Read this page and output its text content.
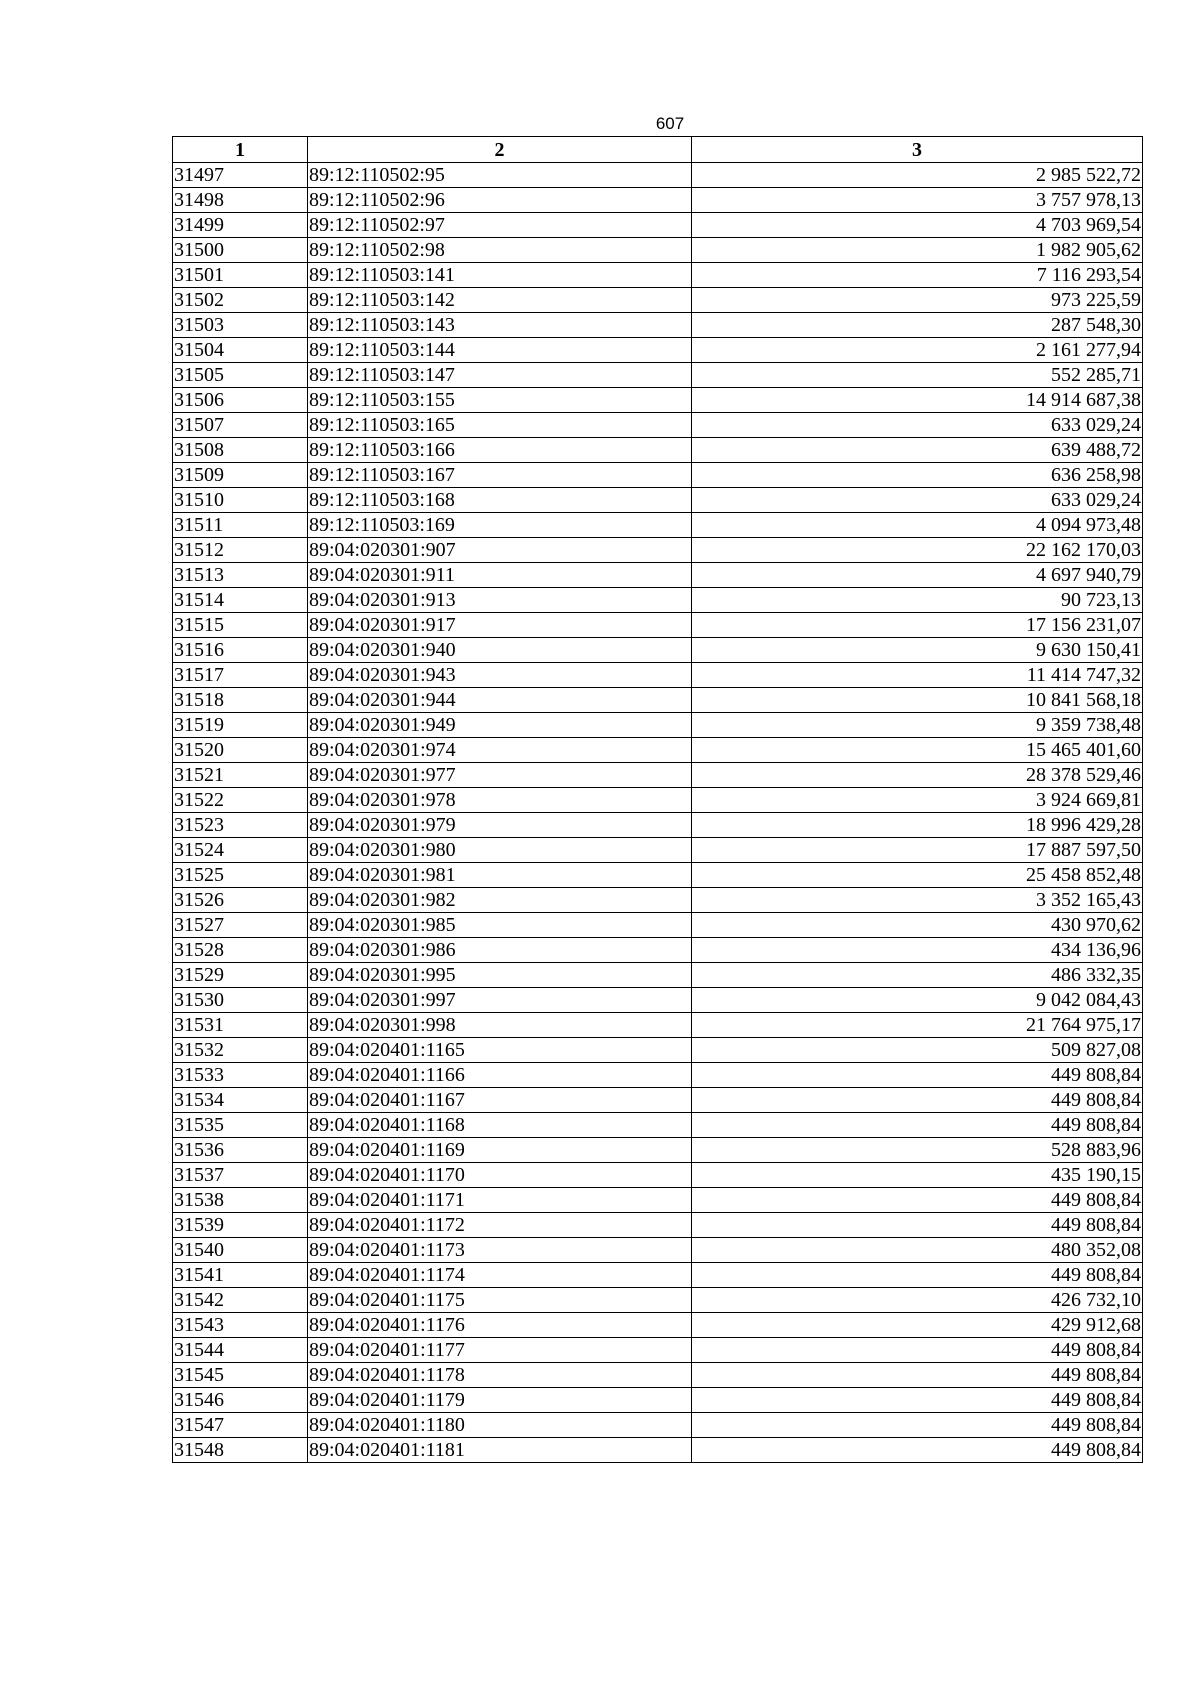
607
1	2	3
31497	89:12:110502:95	2 985 522,72
31498	89:12:110502:96	3 757 978,13
31499	89:12:110502:97	4 703 969,54
31500	89:12:110502:98	1 982 905,62
31501	89:12:110503:141	7 116 293,54
31502	89:12:110503:142	973 225,59
31503	89:12:110503:143	287 548,30
31504	89:12:110503:144	2 161 277,94
31505	89:12:110503:147	552 285,71
31506	89:12:110503:155	14 914 687,38
31507	89:12:110503:165	633 029,24
31508	89:12:110503:166	639 488,72
31509	89:12:110503:167	636 258,98
31510	89:12:110503:168	633 029,24
31511	89:12:110503:169	4 094 973,48
31512	89:04:020301:907	22 162 170,03
31513	89:04:020301:911	4 697 940,79
31514	89:04:020301:913	90 723,13
31515	89:04:020301:917	17 156 231,07
31516	89:04:020301:940	9 630 150,41
31517	89:04:020301:943	11 414 747,32
31518	89:04:020301:944	10 841 568,18
31519	89:04:020301:949	9 359 738,48
31520	89:04:020301:974	15 465 401,60
31521	89:04:020301:977	28 378 529,46
31522	89:04:020301:978	3 924 669,81
31523	89:04:020301:979	18 996 429,28
31524	89:04:020301:980	17 887 597,50
31525	89:04:020301:981	25 458 852,48
31526	89:04:020301:982	3 352 165,43
31527	89:04:020301:985	430 970,62
31528	89:04:020301:986	434 136,96
31529	89:04:020301:995	486 332,35
31530	89:04:020301:997	9 042 084,43
31531	89:04:020301:998	21 764 975,17
31532	89:04:020401:1165	509 827,08
31533	89:04:020401:1166	449 808,84
31534	89:04:020401:1167	449 808,84
31535	89:04:020401:1168	449 808,84
31536	89:04:020401:1169	528 883,96
31537	89:04:020401:1170	435 190,15
31538	89:04:020401:1171	449 808,84
31539	89:04:020401:1172	449 808,84
31540	89:04:020401:1173	480 352,08
31541	89:04:020401:1174	449 808,84
31542	89:04:020401:1175	426 732,10
31543	89:04:020401:1176	429 912,68
31544	89:04:020401:1177	449 808,84
31545	89:04:020401:1178	449 808,84
31546	89:04:020401:1179	449 808,84
31547	89:04:020401:1180	449 808,84
31548	89:04:020401:1181	449 808,84
